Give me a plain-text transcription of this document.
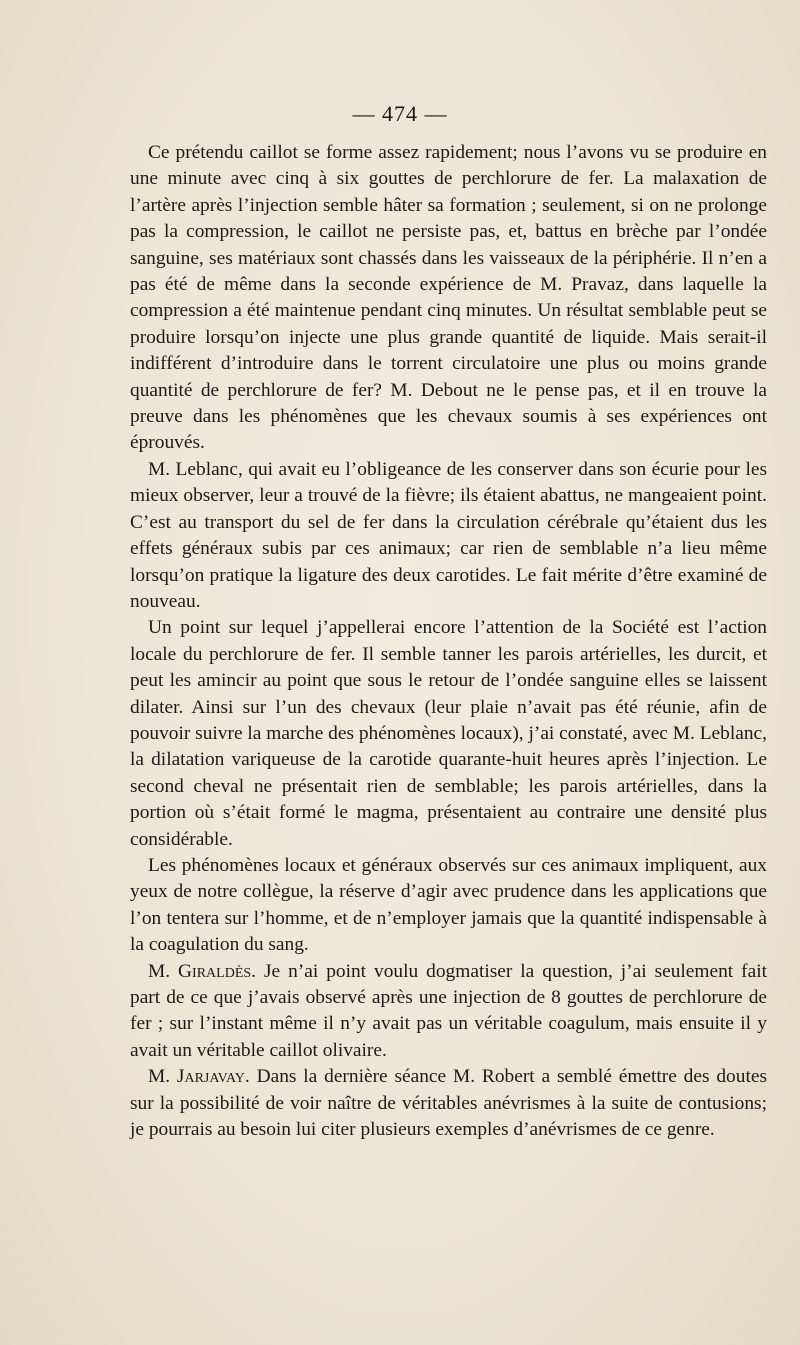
— 474 —

Ce prétendu caillot se forme assez rapidement; nous l’avons vu se produire en une minute avec cinq à six gouttes de perchlorure de fer. La malaxation de l’artère après l’injection semble hâter sa formation ; seulement, si on ne prolonge pas la compression, le caillot ne persiste pas, et, battus en brèche par l’ondée sanguine, ses matériaux sont chassés dans les vaisseaux de la périphérie. Il n’en a pas été de même dans la seconde expérience de M. Pravaz, dans laquelle la compression a été maintenue pendant cinq minutes. Un résultat semblable peut se produire lorsqu’on injecte une plus grande quantité de liquide. Mais serait-il indifférent d’introduire dans le torrent circulatoire une plus ou moins grande quantité de perchlorure de fer? M. Debout ne le pense pas, et il en trouve la preuve dans les phénomènes que les chevaux soumis à ses expériences ont éprouvés.

M. Leblanc, qui avait eu l’obligeance de les conserver dans son écurie pour les mieux observer, leur a trouvé de la fièvre; ils étaient abattus, ne mangeaient point. C’est au transport du sel de fer dans la circulation cérébrale qu’étaient dus les effets généraux subis par ces animaux; car rien de semblable n’a lieu même lorsqu’on pratique la ligature des deux carotides. Le fait mérite d’être examiné de nouveau.

Un point sur lequel j’appellerai encore l’attention de la Société est l’action locale du perchlorure de fer. Il semble tanner les parois artérielles, les durcit, et peut les amincir au point que sous le retour de l’ondée sanguine elles se laissent dilater. Ainsi sur l’un des chevaux (leur plaie n’avait pas été réunie, afin de pouvoir suivre la marche des phénomènes locaux), j’ai constaté, avec M. Leblanc, la dilatation variqueuse de la carotide quarante-huit heures après l’injection. Le second cheval ne présentait rien de semblable; les parois artérielles, dans la portion où s’était formé le magma, présentaient au contraire une densité plus considérable.

Les phénomènes locaux et généraux observés sur ces animaux impliquent, aux yeux de notre collègue, la réserve d’agir avec prudence dans les applications que l’on tentera sur l’homme, et de n’employer jamais que la quantité indispensable à la coagulation du sang.

M. Giraldès. Je n’ai point voulu dogmatiser la question, j’ai seulement fait part de ce que j’avais observé après une injection de 8 gouttes de perchlorure de fer ; sur l’instant même il n’y avait pas un véritable coagulum, mais ensuite il y avait un véritable caillot olivaire.

M. Jarjavay. Dans la dernière séance M. Robert a semblé émettre des doutes sur la possibilité de voir naître de véritables anévrismes à la suite de contusions; je pourrais au besoin lui citer plusieurs exemples d’anévrismes de ce genre.
